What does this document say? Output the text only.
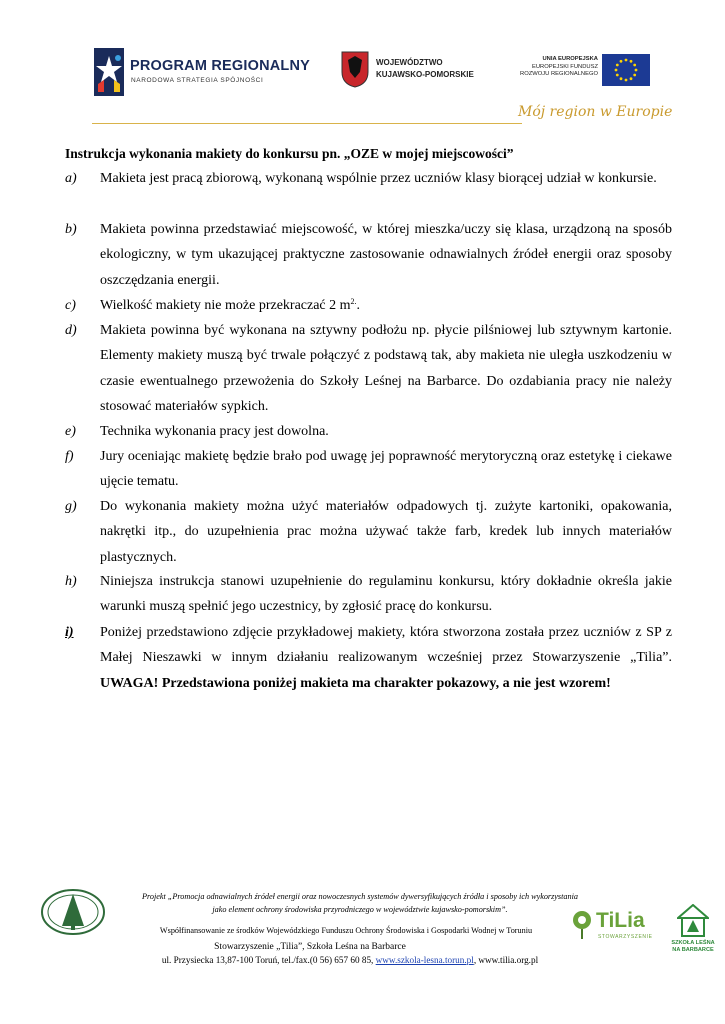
PROGRAM REGIONALNY
NARODOWA STRATEGIA SPÓJNOŚCI
WOJEWÓDZTWO
KUJAWSKO-POMORSKIE
UNIA EUROPEJSKA
EUROPEJSKI FUNDUSZ
ROZWOJU REGIONALNEGO
Mój region w Europie
Instrukcja wykonania makiety do konkursu pn. „OZE w mojej miejscowości”
a) Makieta jest pracą zbiorową, wykonaną wspólnie przez uczniów klasy biorącej udział w konkursie.
b) Makieta powinna przedstawiać miejscowość, w której mieszka/uczy się klasa, urządzoną na sposób ekologiczny, w tym ukazującej praktyczne zastosowanie odnawialnych źródeł energii oraz sposoby oszczędzania energii.
c) Wielkość makiety nie może przekraczać 2 $m^{2.}$.
d) Makieta powinna być wykonana na sztywny podłożu np. płycie pilśniowej lub sztywnym kartonie. Elementy makiety muszą być trwale połączyć z podstawą tak, aby makieta nie uległa uszkodzeniu w czasie ewentualnego przewożenia do Szkoły Leśnej na Barbarce. Do ozdabiania pracy nie należy stosować materiałów sypkich.
e) Technika wykonania pracy jest dowolna.
f) Jury oceniając makietę będzie brało pod uwagę jej poprawność merytoryczną oraz estetykę i ciekawe ujęcie tematu.
g) Do wykonania makiety można użyć materiałów odpadowych tj. zużyte kartoniki, opakowania, nakrętki itp., do uzupełnienia prac można używać także farb, kredek lub innych materiałów plastycznych.
h) Niniejsza instrukcja stanowi uzupełnienie do regulaminu konkursu, który dokładnie określa jakie warunki muszą spełnić jego uczestnicy, by zgłosić pracę do konkursu.
i) Poniżej przedstawiono zdjęcie przykładowej makiety, która stworzona została przez uczniów z SP z Małej Nieszawki w innym działaniu realizowanym wcześniej przez Stowarzyszenie „Tilia”. UWAGA! Przedstawiona poniżej makieta ma charakter pokazowy, a nie jest wzorem!
Projekt „Promocja odnawialnych źródeł energii oraz nowoczesnych systemów dywersyfikujących źródła i sposoby ich wykorzystania
jako element ochrony środowiska przyrodniczego w województwie kujawsko-pomorskim”.
Współfinansowanie ze środków Wojewódzkiego Funduszu Ochrony Środowiska i Gospodarki Wodnej w Toruniu
Stowarzyszenie „Tilia”, Szkoła Leśna na Barbarce
ul. Przysiecka 13,87-100 Toruń, tel./fax.(0 56) 657 60 85, www.szkola-lesna.torun.pl, www.tilia.org.pl
TiLia
STOWARZYSZENIE
SZKOŁA LEŚNA
NA BARBARCE
